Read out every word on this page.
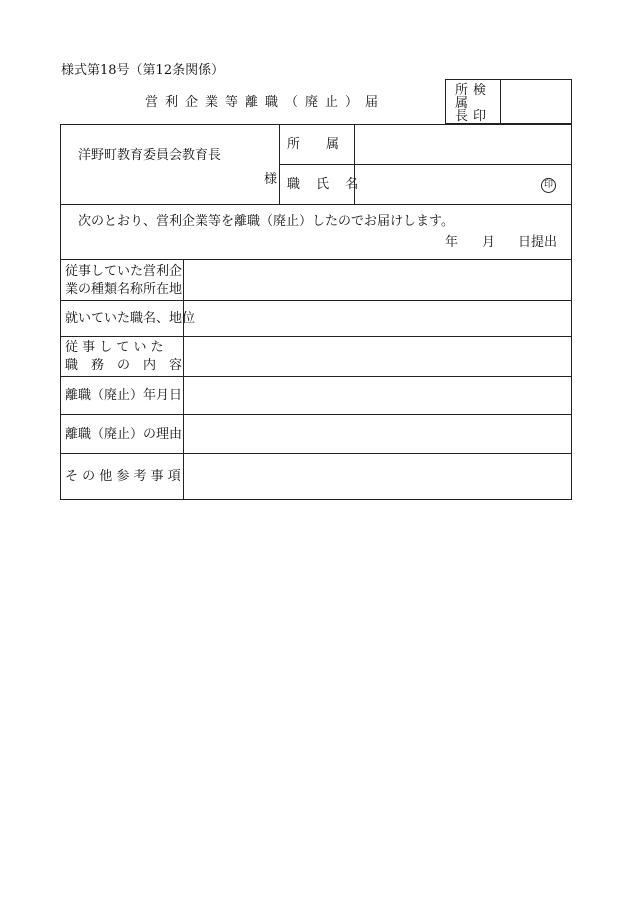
様式第18号（第12条関係）
営利企業等離職（廃止）届
所
属
長
検
印
洋野町教育委員会教育長
様
所　　属
職 氏 名	印
次のとおり、営利企業等を離職（廃止）したのでお届けします。
年 月 日提出
従事していた営利企
業の種類名称所在地
就いていた職名、地位
従 事 し て い た
職　務　の　内　容
離職（廃止）年月日
離職（廃止）の理由
そ の 他 参 考 事 項
